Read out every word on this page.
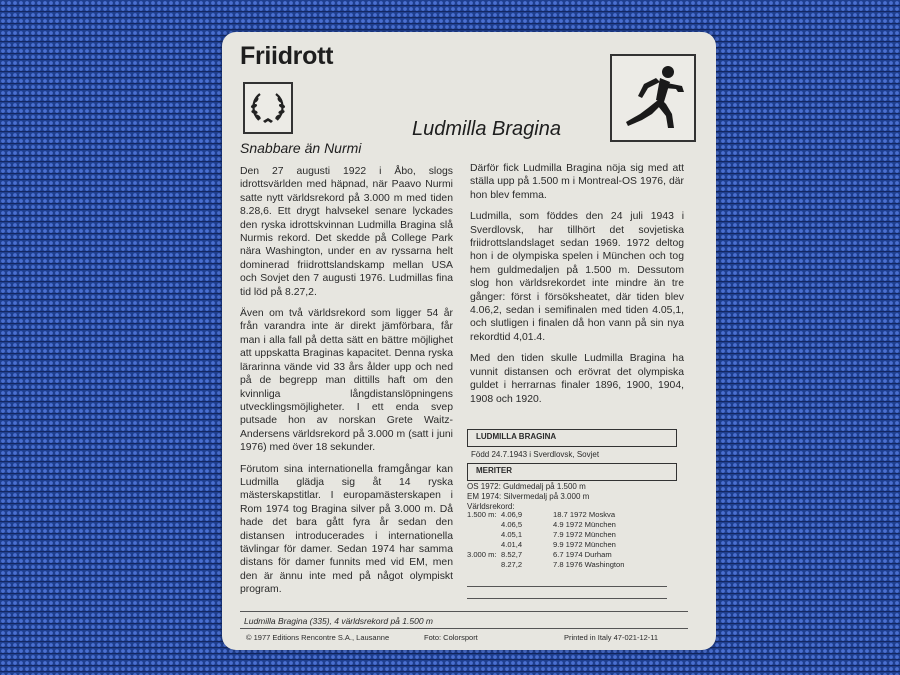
Friidrott
Ludmilla Bragina
Snabbare än Nurmi

Den 27 augusti 1922 i Åbo, slogs idrottsvärlden med häpnad, när Paavo Nurmi satte nytt världsrekord på 3.000 m med tiden 8.28,6. Ett drygt halvsekel senare lyckades den ryska idrottskvinnan Ludmilla Bragina slå Nurmis rekord. Det skedde på College Park nära Washington, under en av ryssarna helt dominerad friidrottslandskamp mellan USA och Sovjet den 7 augusti 1976. Ludmillas fina tid löd på 8.27,2.

Även om två världsrekord som ligger 54 år från varandra inte är direkt jämförbara, får man i alla fall på detta sätt en bättre möjlighet att uppskatta Braginas kapacitet. Denna ryska lärarinna vände vid 33 års ålder upp och ned på de begrepp man dittills haft om den kvinnliga långdistanslöpningens utvecklingsmöjligheter. I ett enda svep putsade hon av norskan Grete Waitz-Andersens världsrekord på 3.000 m (satt i juni 1976) med över 18 sekunder.

Förutom sina internationella framgångar kan Ludmilla glädja sig åt 14 ryska mästerskapstitlar. I europamästerskapen i Rom 1974 tog Bragina silver på 3.000 m. Då hade det bara gått fyra år sedan den distansen introducerades i internationella tävlingar för damer. Sedan 1974 har samma distans för damer funnits med vid EM, men den är ännu inte med på något olympiskt program.

Därför fick Ludmilla Bragina nöja sig med att ställa upp på 1.500 m i Montreal-OS 1976, där hon blev femma.

Ludmilla, som föddes den 24 juli 1943 i Sverdlovsk, har tillhört det sovjetiska friidrottslandslaget sedan 1969. 1972 deltog hon i de olympiska spelen i München och tog hem guldmedaljen på 1.500 m. Dessutom slog hon världsrekordet inte mindre än tre gånger: först i försöksheatet, där tiden blev 4.06,2, sedan i semifinalen med tiden 4.05,1, och slutligen i finalen då hon vann på sin nya rekordtid 4,01.4.

Med den tiden skulle Ludmilla Bragina ha vunnit distansen och erövrat det olympiska guldet i herrarnas finaler 1896, 1900, 1904, 1908 och 1920.

LUDMILLA BRAGINA
Född 24.7.1943 i Sverdlovsk, Sovjet
MERITER
OS 1972: Guldmedalj på 1.500 m
EM 1974: Silvermedalj på 3.000 m
Världsrekord:
1.500 m:	4.06,9	18.7 1972 Moskva
	4.06,5	4.9 1972 München
	4.05,1	7.9 1972 München
	4.01,4	9.9 1972 München
3.000 m:	8.52,7	6.7 1974 Durham
	8.27,2	7.8 1976 Washington
Ludmilla Bragina (335), 4 världsrekord på 1.500 m
© 1977 Editions Rencontre S.A., Lausanne	Foto: Colorsport	Printed in Italy 47-021-12-11
